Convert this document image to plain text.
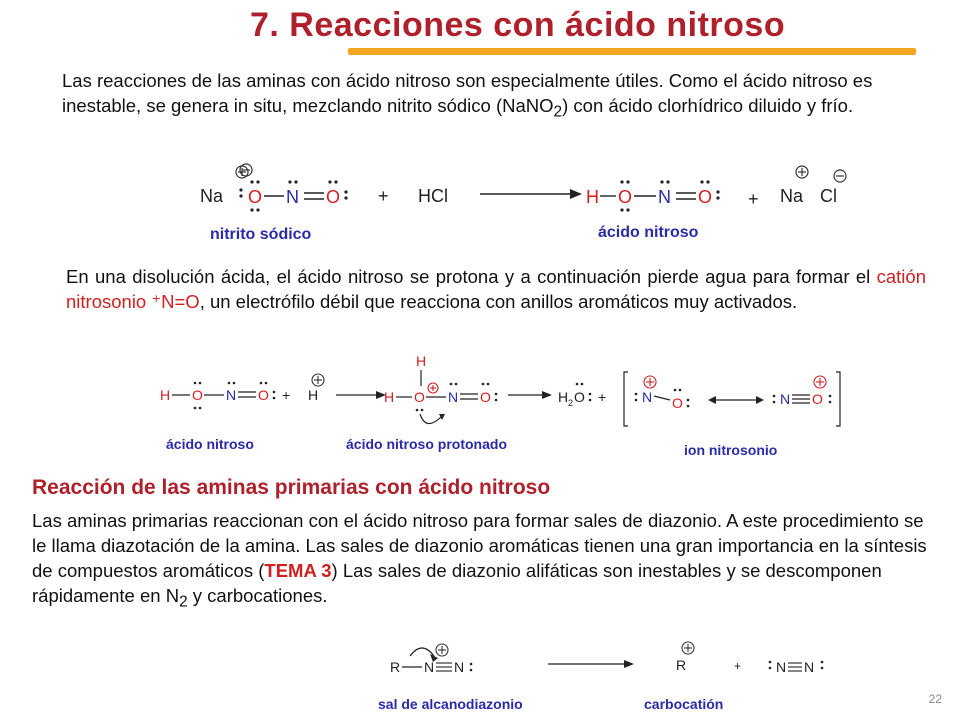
7. Reacciones con ácido nitroso
Las reacciones de las aminas con ácido nitroso son especialmente útiles. Como el ácido nitroso es inestable, se genera in situ, mezclando nitrito sódico (NaNO$_2$) con ácido clorhídrico diluido y frío.
Na O N O + HCl	H O N O + Na Cl
nitrito sódico	ácido nitroso
En una disolución ácida, el ácido nitroso se protona y a continuación pierde agua para formar el catión nitrosonio ⁺N=O, un electrófilo débil que reacciona con anillos aromáticos muy activados.
H O N O + H
H
H O N O	H 2 O +	N O	N O
ácido nitroso	ácido nitroso protonado	ion nitrosonio
Reacción de las aminas primarias con ácido nitroso
Las aminas primarias reaccionan con el ácido nitroso para formar sales de diazonio. A este procedimiento se le llama diazotación de la amina. Las sales de diazonio aromáticas tienen una gran importancia en la síntesis de compuestos aromáticos (TEMA 3) Las sales de diazonio alifáticas son inestables y se descomponen rápidamente en $N_2$ y carbocationes.
R N N	R	+ N N
sal de alcanodiazonio	carbocatión	22
